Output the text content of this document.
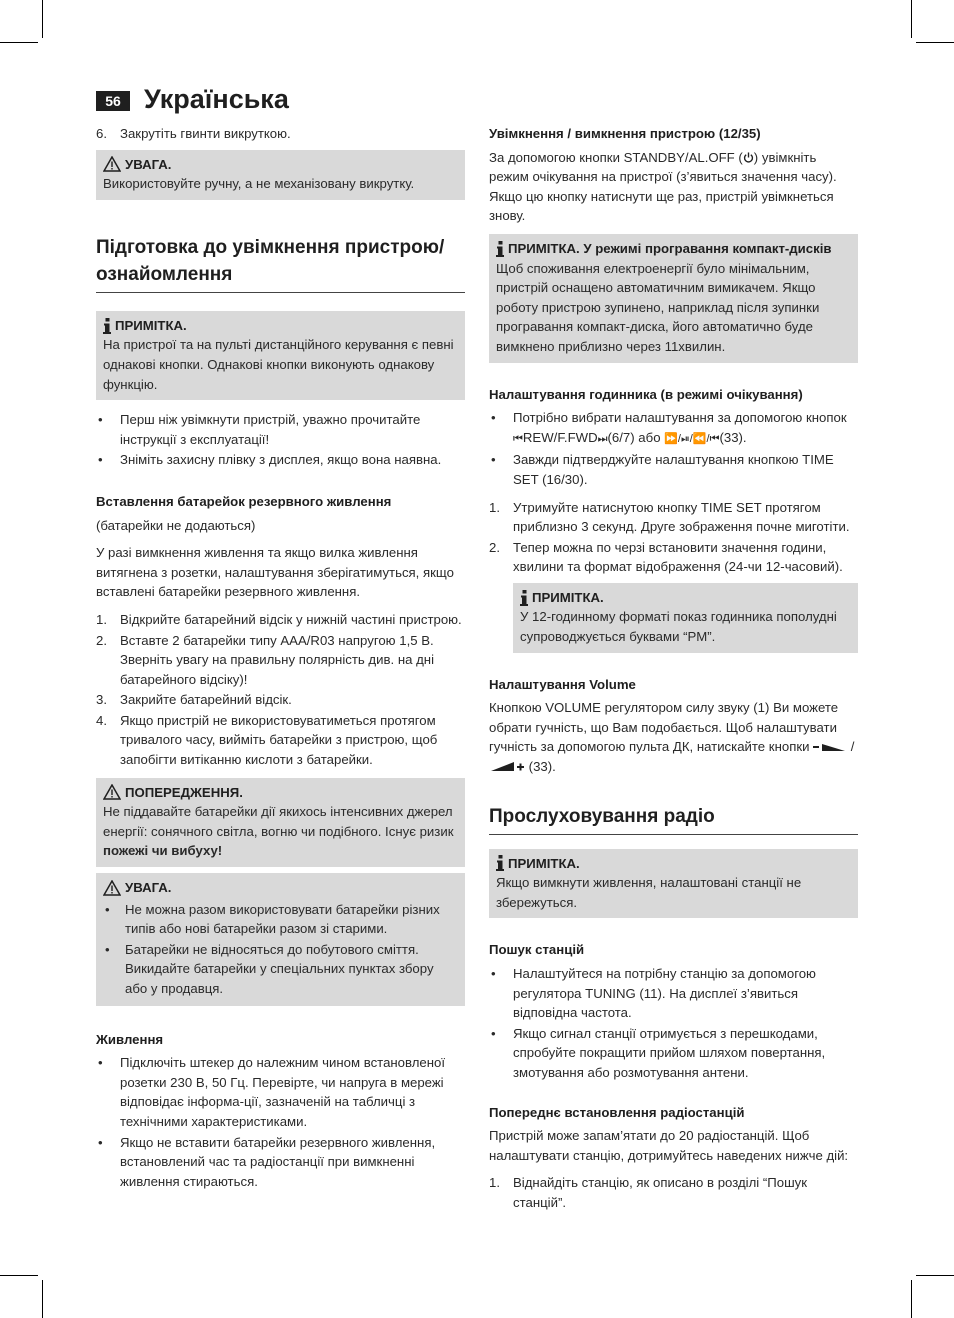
56 Українська
6. Закрутіть гвинти викруткою.
УВАГА.
Використовуйте ручну, а не механізовану викрутку.
Підготовка до увімкнення пристрою/ ознайомлення
ПРИМІТКА.
На пристрої та на пульті дистанційного керування є певні однакові кнопки. Однакові кнопки виконують однакову функцію.
• Перш ніж увімкнути пристрій, уважно прочитайте інструкції з експлуатації!
• Зніміть захисну плівку з дисплея, якщо вона наявна.

Вставлення батарейок резервного живлення

(батарейки не додаються)

У разі вимкнення живлення та якщо вилка живлення витягнена з розетки, налаштування зберігатимуться, якщо вставлені батарейки резервного живлення.

1. Відкрийте батарейний відсік у нижній частині пристрою.
2. Вставте 2 батарейки типу AAA/R03 напругою 1,5 В. Зверніть увагу на правильну полярність див. на дні батарейного відсіку)!
3. Закрийте батарейний відсік.
4. Якщо пристрій не використовуватиметься протягом тривалого часу, вийміть батарейки з пристрою, щоб запобігти витіканню кислоти з батарейки.
ПОПЕРЕДЖЕННЯ.
Не піддавайте батарейки дії якихось інтенсивних джерел енергії: сонячного світла, вогню чи подібного. Існує ризик пожежі чи вибуху!
УВАГА.
• Не можна разом використовувати батарейки різних типів або нові батарейки разом зі старими.
• Батарейки не відносяться до побутового сміття. Викидайте батарейки у спеціальних пунктах збору або у продавця.

Живлення

• Підключіть штекер до належним чином встановленої розетки 230 В, 50 Гц. Перевірте, чи напруга в мережі відповідає інформа-ції, зазначеній на табличці з технічними характеристиками.
• Якщо не вставити батарейки резервного живлення, встановлений час та радіостанції при вимкненні живлення стираються.

Увімкнення / вимкнення пристрою (12/35)

За допомогою кнопки STANDBY/AL.OFF ( ) увімкніть режим очікування на пристрої (з’явиться значення часу). Якщо цю кнопку натиснути ще раз, пристрій увімкнеться знову.

ПРИМІТКА. У режимі програвання компакт-дисків
Щоб споживання електроенергії було мінімальним, пристрій оснащено автоматичним вимикачем. Якщо роботу пристрою зупинено, наприклад після зупинки програвання компакт-диска, його автоматично буде вимкнено приблизно через 11хвилин.

Налаштування годинника (в режимі очікування)

• Потрібно вибрати налаштування за допомогою кнопок ⏮REW/F.FWD⏭(6/7) або ⏩/⏯/⏪/⏮(33).
• Завжди підтверджуйте налаштування кнопкою TIME SET (16/30).
1. Утримуйте натиснутою кнопку TIME SET протягом приблизно 3 секунд. Друге зображення почне миготіти.
2. Тепер можна по черзі встановити значення години, хвилини та формат відображення (24-чи 12-часовий).
ПРИМІТКА.
У 12-годинному форматі показ годинника пополудні супроводжується буквами “PM”.

Налаштування Volume

Кнопкою VOLUME регулятором силу звуку (1) Ви можете обрати гучність, що Вам подобається. Щоб налаштувати гучність за допомогою пульта ДК, натискайте кнопки	/  (33).

Прослуховування радіо
ПРИМІТКА.
Якщо вимкнути живлення, налаштовані станції не збережуться.

Пошук станцій

• Налаштуйтеся на потрібну станцію за допомогою регулятора TUNING (11). На дисплеї з’явиться відповідна частота.
• Якщо сигнал станції отримується з перешкодами, спробуйте покращити прийом шляхом повертання, змотування або розмотування антени.

Попереднє встановлення радіостанцій

Пристрій може запам’ятати до 20 радіостанцій. Щоб налаштувати станцію, дотримуйтесь наведених нижче дій:

1. Віднайдіть станцію, як описано в розділі “Пошук станцій”.
